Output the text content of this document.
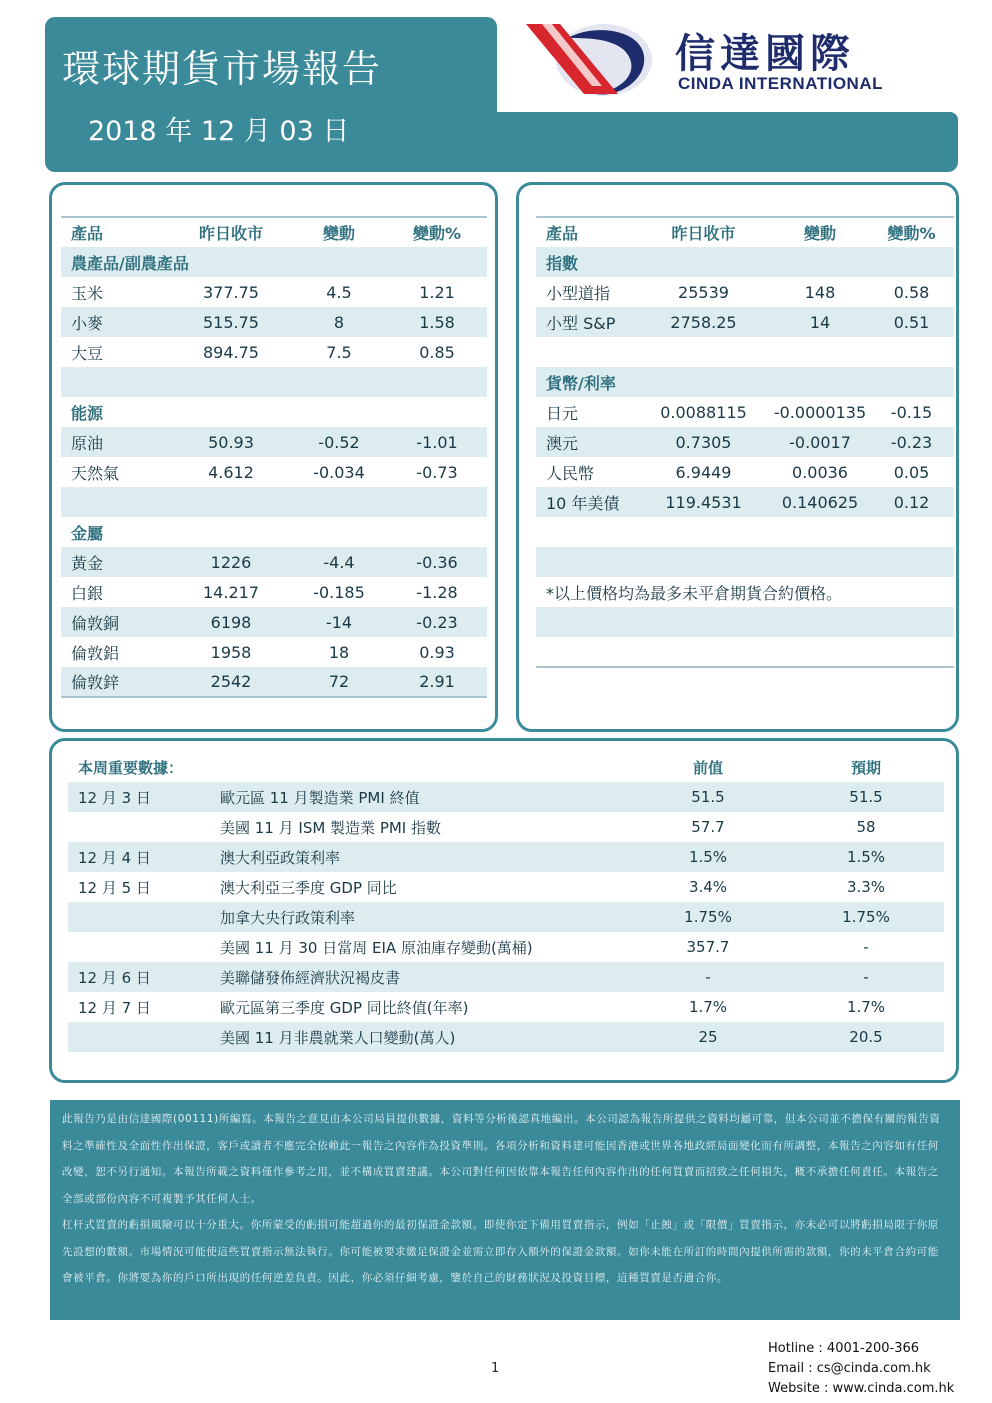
環球期貨市場報告
2018 年 12 月 03 日
信達國際
CINDA INTERNATIONAL
產品	昨日收市	變動	變動%
農產品/副農產品			
玉米	377.75	4.5	1.21
小麥	515.75	8	1.58
大豆	894.75	7.5	0.85

能源			
原油	50.93	-0.52	-1.01
天然氣	4.612	-0.034	-0.73

金屬			
黃金	1226	-4.4	-0.36
白銀	14.217	-0.185	-1.28
倫敦銅	6198	-14	-0.23
倫敦鋁	1958	18	0.93
倫敦鋅	2542	72	2.91
產品	昨日收市	變動	變動%
指數			
小型道指	25539	148	0.58
小型 S&P	2758.25	14	0.51

貨幣/利率			
日元	0.0088115	-0.0000135	-0.15
澳元	0.7305	-0.0017	-0.23
人民幣	6.9449	0.0036	0.05
10 年美債	119.4531	0.140625	0.12

*以上價格均為最多未平倉期貨合約價格。			

本周重要數據：		前值	預期
12 月 3 日	歐元區 11 月製造業 PMI 終值	51.5	51.5
	美國 11 月 ISM 製造業 PMI 指數	57.7	58
12 月 4 日	澳大利亞政策利率	1.5%	1.5%
12 月 5 日	澳大利亞三季度 GDP 同比	3.4%	3.3%
	加拿大央行政策利率	1.75%	1.75%
	美國 11 月 30 日當周 EIA 原油庫存變動(萬桶)	357.7	-
12 月 6 日	美聯儲發佈經濟狀況褐皮書	-	-
12 月 7 日	歐元區第三季度 GDP 同比終值(年率)	1.7%	1.7%
	美國 11 月非農就業人口變動(萬人)	25	20.5

此報告乃是由信達國際(00111)所編寫。本報告之意見由本公司局員提供數據，資料等分析後認真地編出。本公司認為報告所提供之資料均屬可靠，但本公司並不擔保有關的報告資料之準確性及全面性作出保證，客戶或讀者不應完全依賴此一報告之內容作為投資準則。各項分析和資料建可能因香港或世界各地政經局面變化而有所調整，本報告之內容如有任何改變，恕不另行通知。本報告所載之資料僅作參考之用，並不構成買賣建議。本公司對任何因依靠本報告任何內容作出的任何買賣而招致之任何損失，概不承擔任何責任。本報告之全部或部份內容不可複製予其任何人士。

杠杆式買賣的虧損風險可以十分重大。你所蒙受的虧損可能超過你的最初保證金款額。即使你定下備用買賣指示，例如「止蝕」或「限價」買賣指示，亦未必可以將虧損局限于你原先設想的數額。市場情況可能使這些買賣指示無法執行。你可能被要求繳足保證金並需立即存入額外的保證金款額。如你未能在所訂的時間內提供所需的款額，你的未平倉合約可能會被平倉。你將要為你的戶口所出現的任何逆差負責。因此，你必須仔細考慮，鑒於自己的財務狀況及投資目標，這種買賣是否適合你。

1
Hotline : 4001-200-366
Email : cs@cinda.com.hk
Website : www.cinda.com.hk
